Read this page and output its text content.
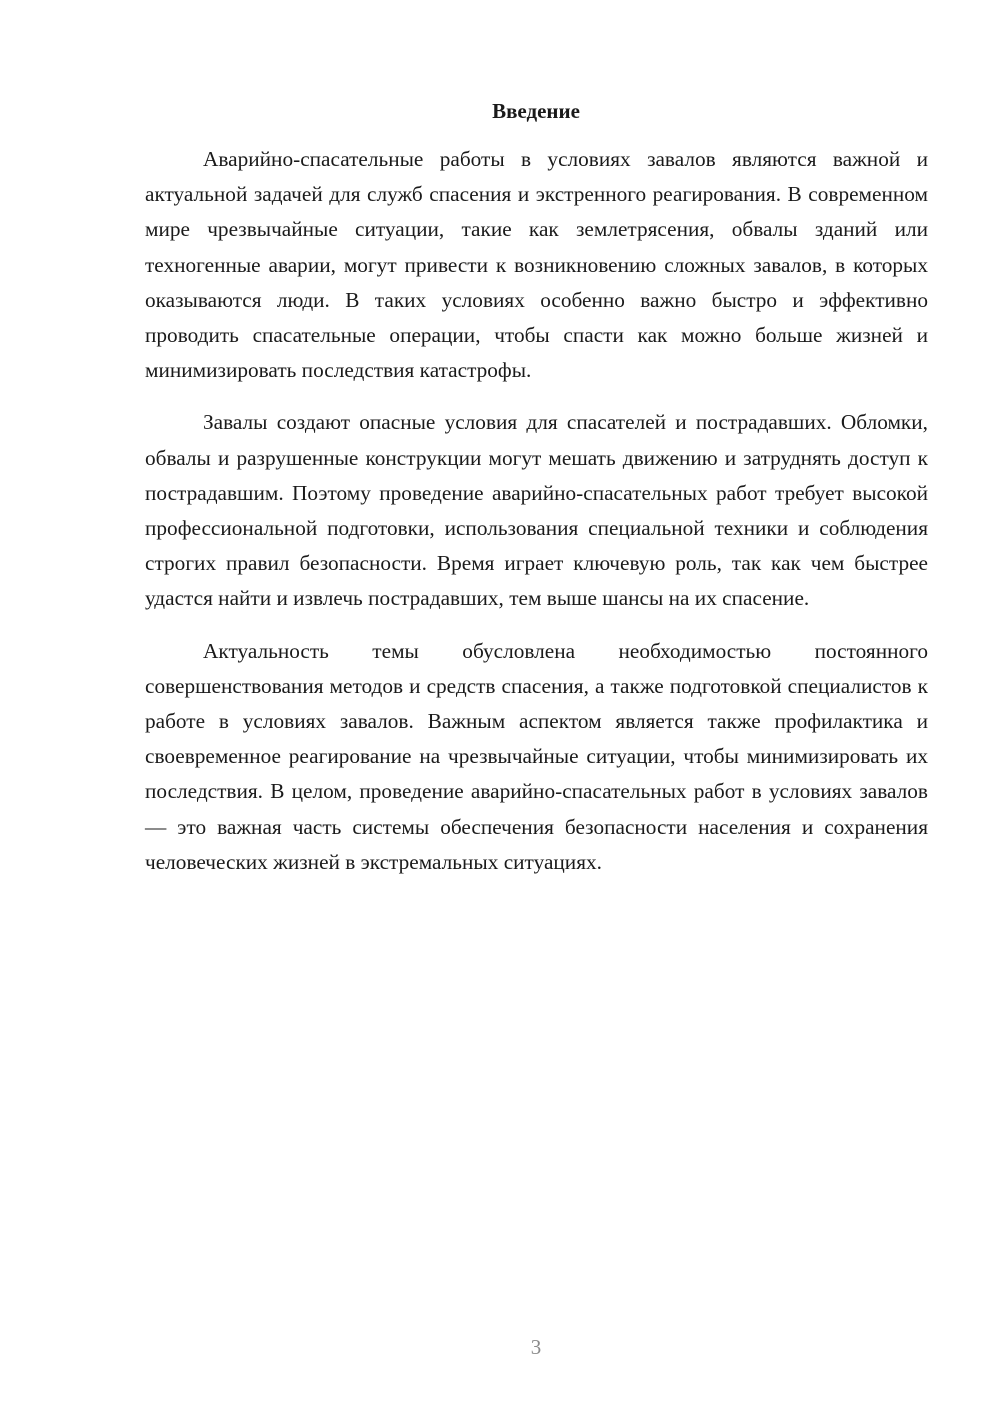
Введение

Аварийно-спасательные работы в условиях завалов являются важной и актуальной задачей для служб спасения и экстренного реагирования. В современном мире чрезвычайные ситуации, такие как землетрясения, обвалы зданий или техногенные аварии, могут привести к возникновению сложных завалов, в которых оказываются люди. В таких условиях особенно важно быстро и эффективно проводить спасательные операции, чтобы спасти как можно больше жизней и минимизировать последствия катастрофы.

Завалы создают опасные условия для спасателей и пострадавших. Обломки, обвалы и разрушенные конструкции могут мешать движению и затруднять доступ к пострадавшим. Поэтому проведение аварийно-спасательных работ требует высокой профессиональной подготовки, использования специальной техники и соблюдения строгих правил безопасности. Время играет ключевую роль, так как чем быстрее удастся найти и извлечь пострадавших, тем выше шансы на их спасение.

Актуальность темы обусловлена необходимостью постоянного совершенствования методов и средств спасения, а также подготовкой специалистов к работе в условиях завалов. Важным аспектом является также профилактика и своевременное реагирование на чрезвычайные ситуации, чтобы минимизировать их последствия. В целом, проведение аварийно-спасательных работ в условиях завалов — это важная часть системы обеспечения безопасности населения и сохранения человеческих жизней в экстремальных ситуациях.

3
